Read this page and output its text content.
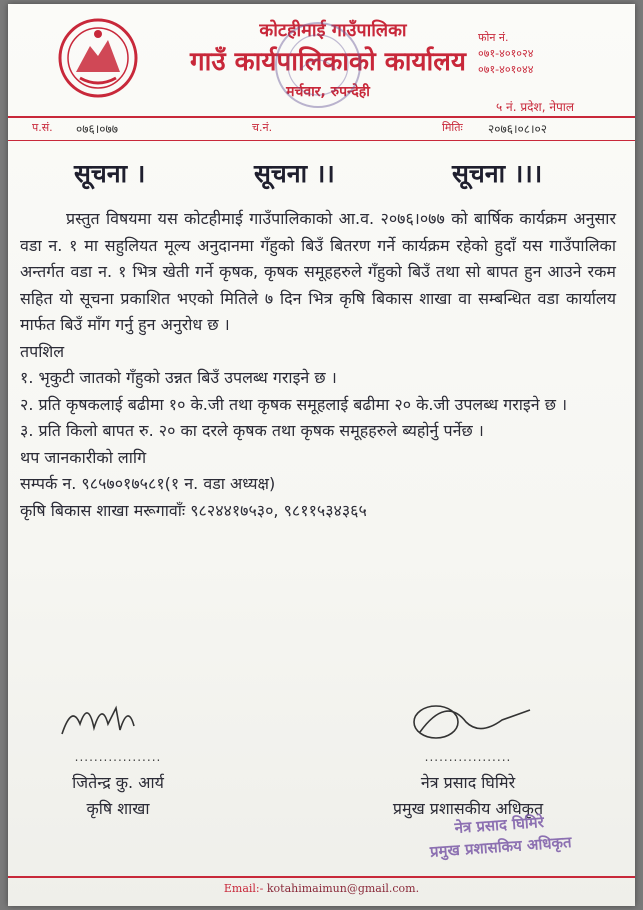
कोटहीमाई गाउँपालिका
गाउँ कार्यपालिकाको कार्यालय
मर्चवार, रुपन्देही
फोन नं.
०७१-४०१०२४
०७१-४०१०४४
५ नं. प्रदेश, नेपाल
प.सं. ०७६।०७७	च.नं.	मितिः २०७६।०८।०२
सूचना ।	सूचना ।।	सूचना ।।।

प्रस्तुत विषयमा यस कोटहीमाई गाउँपालिकाको आ.व. २०७६।०७७ को बार्षिक कार्यक्रम अनुसार वडा न. १ मा सहुलियत मूल्य अनुदानमा गँहुको बिउँ बितरण गर्ने कार्यक्रम रहेको हुदाँ यस गाउँपालिका अन्तर्गत वडा न. १ भित्र खेती गर्ने कृषक, कृषक समूहहरुले गँहुको बिउँ तथा सो बापत हुन आउने रकम सहित यो सूचना प्रकाशित भएको मितिले ७ दिन भित्र कृषि बिकास शाखा वा सम्बन्धित वडा कार्यालय मार्फत बिउँ माँग गर्नु हुन अनुरोध छ ।

तपशिल

१. भृकुटी जातको गँहुको उन्नत बिउँ उपलब्ध गराइने छ ।

२. प्रति कृषकलाई बढीमा १० के.जी तथा कृषक समूहलाई बढीमा २० के.जी उपलब्ध गराइने छ ।

३. प्रति किलो बापत रु. २० का दरले कृषक तथा कृषक समूहहरुले ब्यहोर्नु पर्नेछ ।

थप जानकारीको लागि

सम्पर्क न. ९८५७०१७५८१(१ न. वडा अध्यक्ष)

कृषि बिकास शाखा मरूगावाँः ९८२४४१७५३०, ९८११५३४३६५

..................
जितेन्द्र कु. आर्य
कृषि शाखा
..................
नेत्र प्रसाद घिमिरे
प्रमुख प्रशासकीय अधिकृत
नेत्र प्रसाद घिमिरे
प्रमुख प्रशासकिय अधिकृत
Email:- kotahimaimun@gmail.com.
